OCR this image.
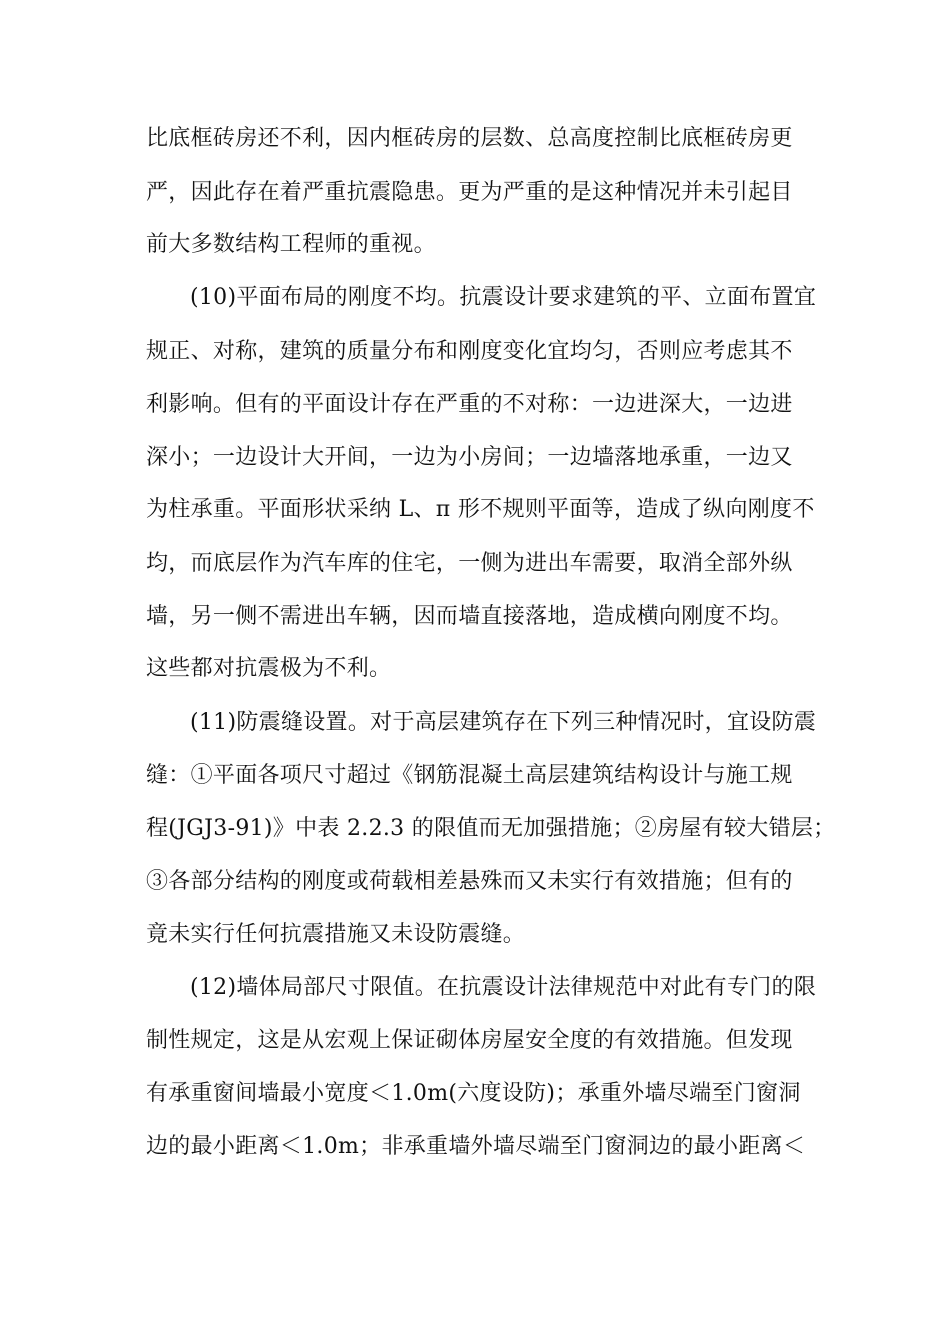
比底框砖房还不利，因内框砖房的层数、总高度控制比底框砖房更
严，因此存在着严重抗震隐患。更为严重的是这种情况并未引起目
前大多数结构工程师的重视。
(10)平面布局的刚度不均。抗震设计要求建筑的平、立面布置宜
规正、对称，建筑的质量分布和刚度变化宜均匀，否则应考虑其不
利影响。但有的平面设计存在严重的不对称：一边进深大，一边进
深小；一边设计大开间，一边为小房间；一边墙落地承重，一边又
为柱承重。平面形状采纳 L、π 形不规则平面等，造成了纵向刚度不
均，而底层作为汽车库的住宅，一侧为进出车需要，取消全部外纵
墙，另一侧不需进出车辆，因而墙直接落地，造成横向刚度不均。
这些都对抗震极为不利。
(11)防震缝设置。对于高层建筑存在下列三种情况时，宜设防震
缝：①平面各项尺寸超过《钢筋混凝土高层建筑结构设计与施工规
程(JGJ3-91)》中表 2.2.3 的限值而无加强措施；②房屋有较大错层；
③各部分结构的刚度或荷载相差悬殊而又未实行有效措施；但有的
竟未实行任何抗震措施又未设防震缝。
(12)墙体局部尺寸限值。在抗震设计法律规范中对此有专门的限
制性规定，这是从宏观上保证砌体房屋安全度的有效措施。但发现
有承重窗间墙最小宽度＜1.0m(六度设防)；承重外墙尽端至门窗洞
边的最小距离＜1.0m；非承重墙外墙尽端至门窗洞边的最小距离＜
